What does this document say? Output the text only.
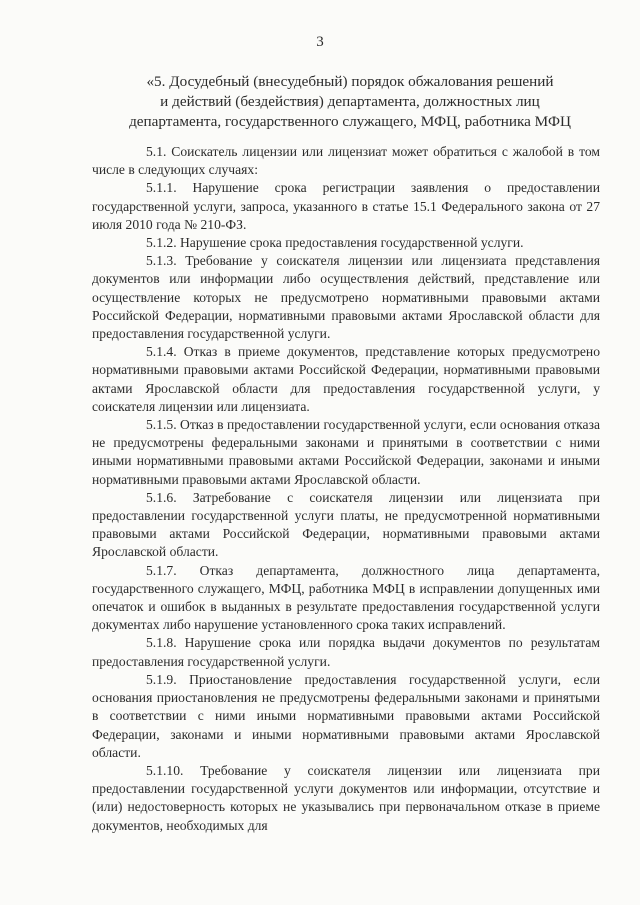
3
«5. Досудебный (внесудебный) порядок обжалования решений
и действий (бездействия) департамента, должностных лиц
департамента, государственного служащего, МФЦ, работника МФЦ

5.1. Соискатель лицензии или лицензиат может обратиться с жалобой в том числе в следующих случаях:

5.1.1. Нарушение срока регистрации заявления о предоставлении государственной услуги, запроса, указанного в статье 15.1 Федерального закона от 27 июля 2010 года № 210-ФЗ.

5.1.2. Нарушение срока предоставления государственной услуги.

5.1.3. Требование у соискателя лицензии или лицензиата представления документов или информации либо осуществления действий, представление или осуществление которых не предусмотрено нормативными правовыми актами Российской Федерации, нормативными правовыми актами Ярославской области для предоставления государственной услуги.

5.1.4. Отказ в приеме документов, представление которых предусмотрено нормативными правовыми актами Российской Федерации, нормативными правовыми актами Ярославской области для предоставления государственной услуги, у соискателя лицензии или лицензиата.

5.1.5. Отказ в предоставлении государственной услуги, если основания отказа не предусмотрены федеральными законами и принятыми в соответствии с ними иными нормативными правовыми актами Российской Федерации, законами и иными нормативными правовыми актами Ярославской области.

5.1.6. Затребование с соискателя лицензии или лицензиата при предоставлении государственной услуги платы, не предусмотренной нормативными правовыми актами Российской Федерации, нормативными правовыми актами Ярославской области.

5.1.7. Отказ департамента, должностного лица департамента, государственного служащего, МФЦ, работника МФЦ в исправлении допущенных ими опечаток и ошибок в выданных в результате предоставления государственной услуги документах либо нарушение установленного срока таких исправлений.

5.1.8. Нарушение срока или порядка выдачи документов по результатам предоставления государственной услуги.

5.1.9. Приостановление предоставления государственной услуги, если основания приостановления не предусмотрены федеральными законами и принятыми в соответствии с ними иными нормативными правовыми актами Российской Федерации, законами и иными нормативными правовыми актами Ярославской области.

5.1.10. Требование у соискателя лицензии или лицензиата при предоставлении государственной услуги документов или информации, отсутствие и (или) недостоверность которых не указывались при первоначальном отказе в приеме документов, необходимых для
